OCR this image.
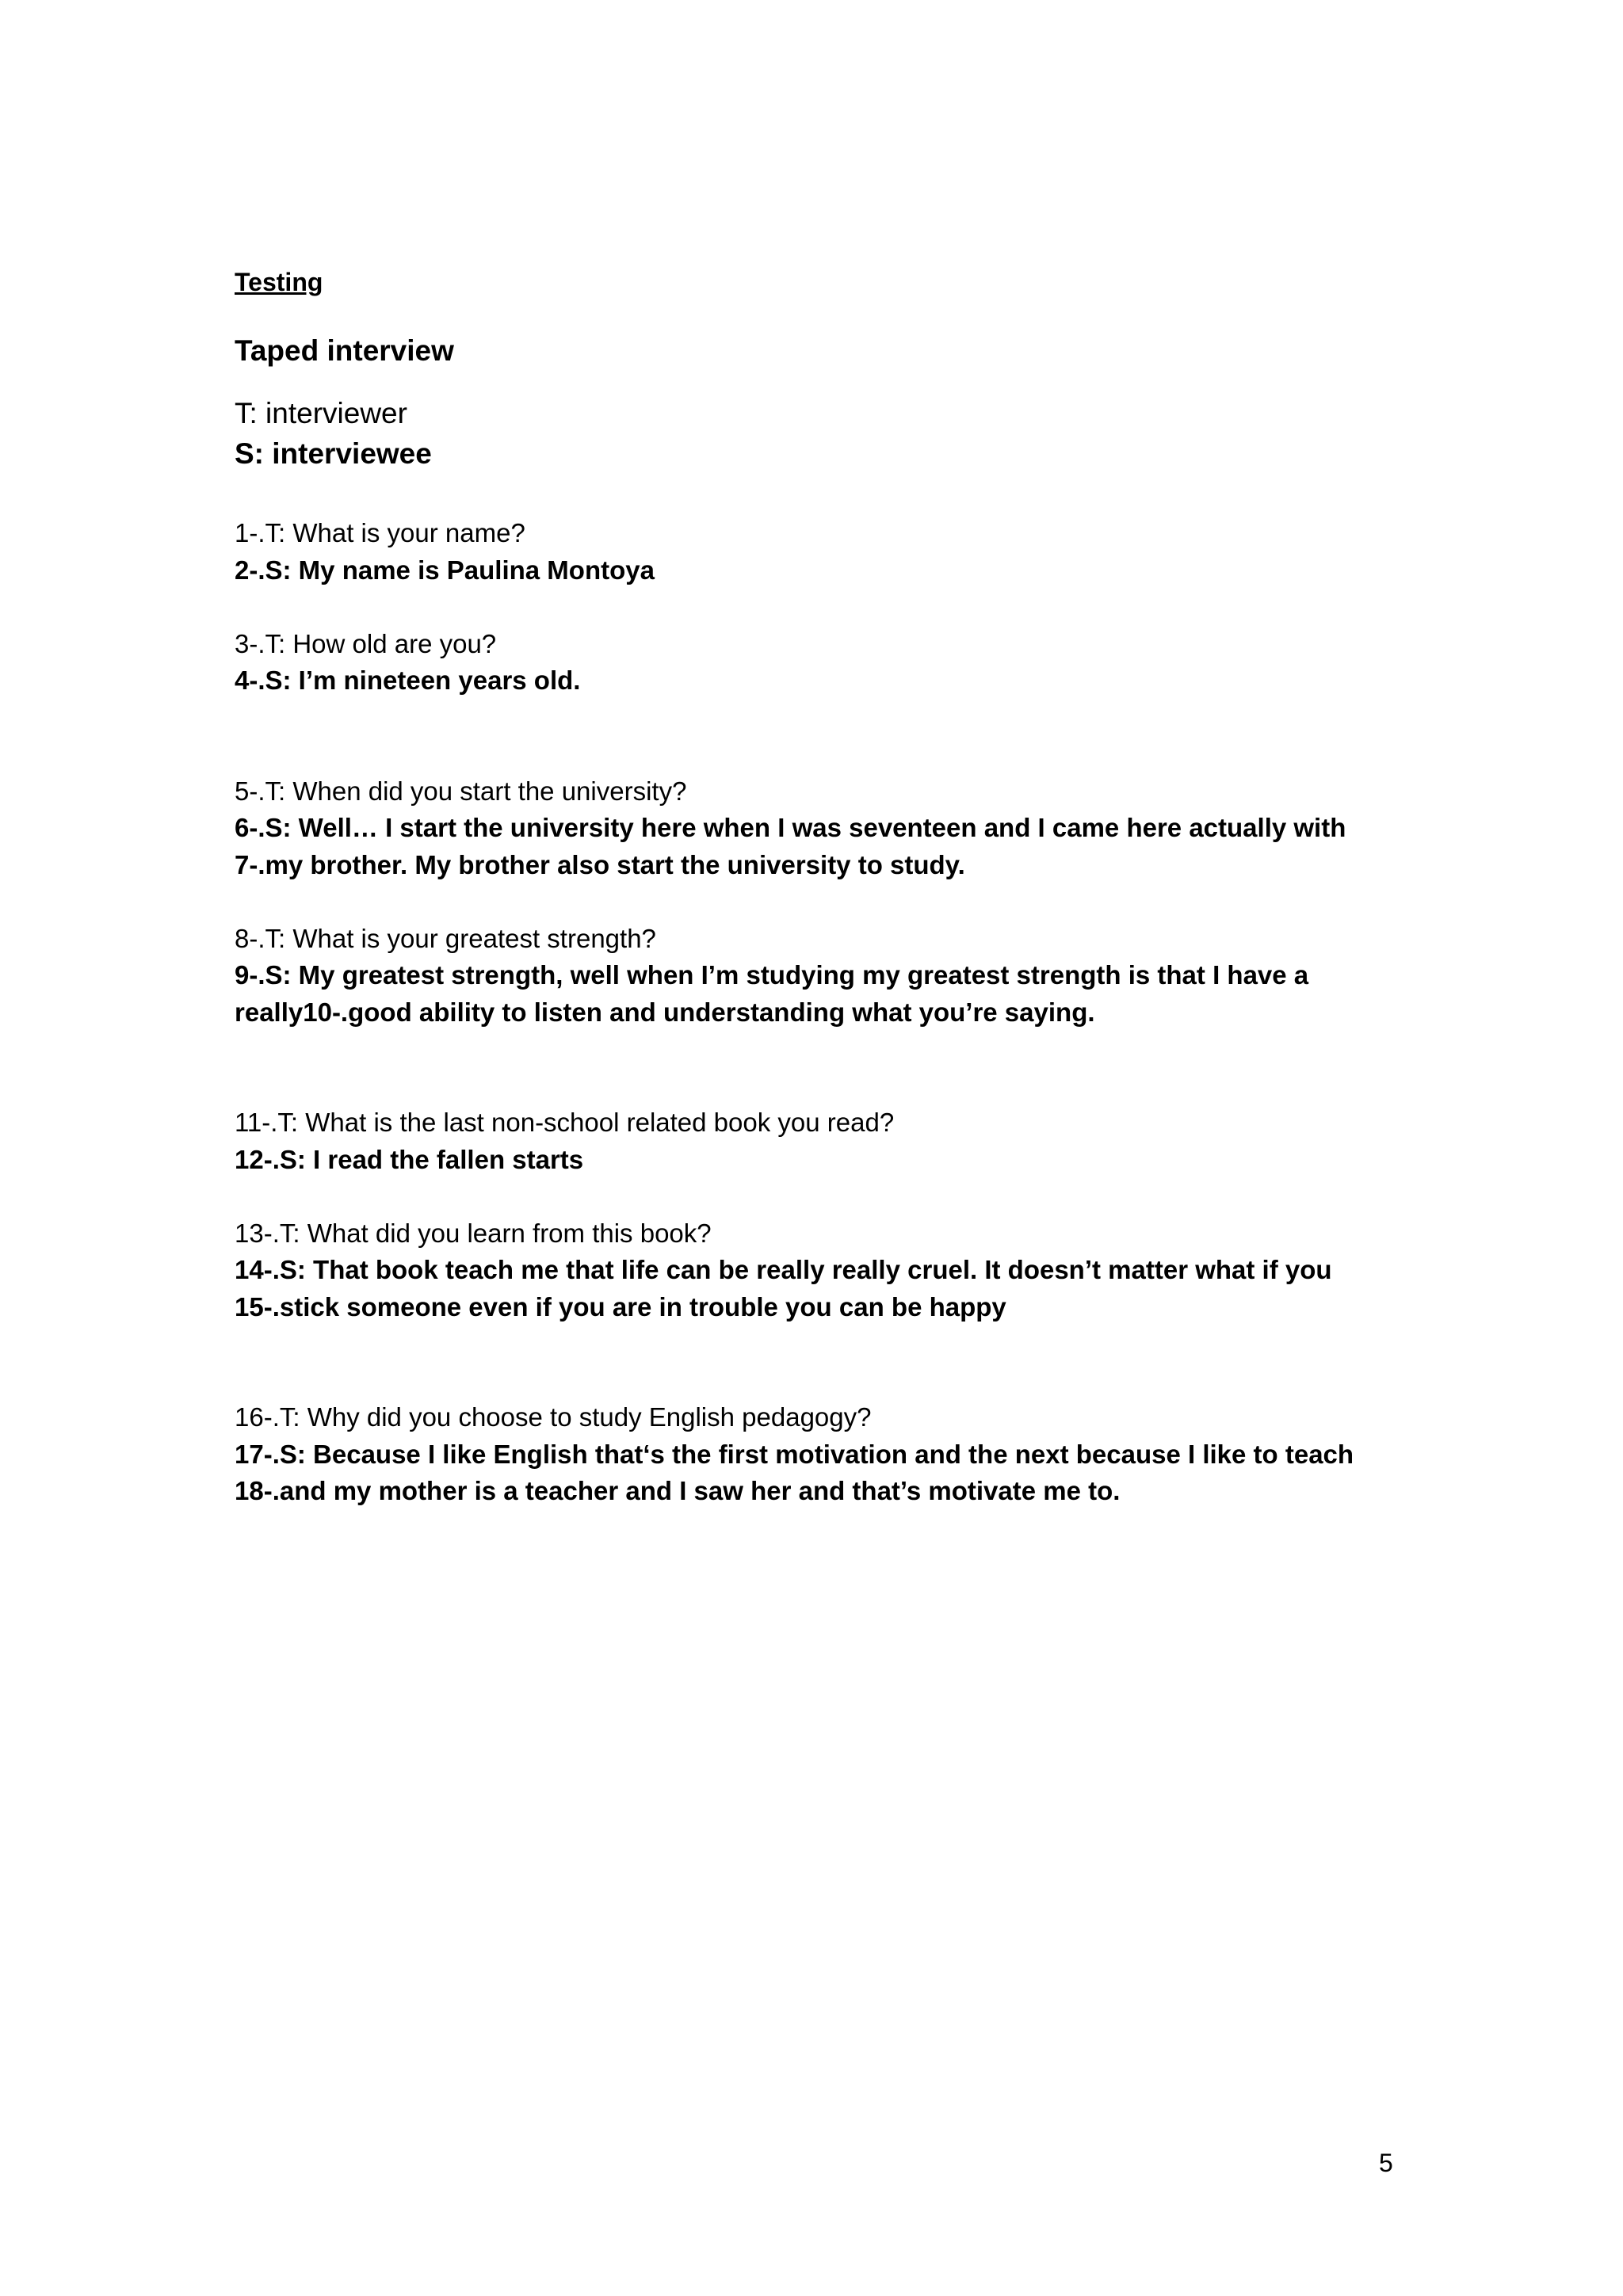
Testing

Taped interview

T: interviewer
S: interviewee
1-.T: What is your name?
2-.S: My name is Paulina Montoya
3-.T: How old are you?
4-.S: I’m nineteen years old.
5-.T: When did you start the university?
6-.S: Well… I start the university here when I was seventeen and I came here actually with
7-.my brother. My brother also start the university to study.
8-.T: What is your greatest strength?
9-.S: My greatest strength, well when I’m studying my greatest strength is that I have a
really10-.good ability to listen and understanding what you’re saying.
11-.T: What is the last non-school related book you read?
12-.S: I read the fallen starts
13-.T: What did you learn from this book?
14-.S: That book teach me that life can be really really cruel. It doesn’t matter what if you
15-.stick someone even if you are in trouble you can be happy
16-.T: Why did you choose to study English pedagogy?
17-.S: Because I like English that‘s the first motivation and the next because I like to teach
18-.and my mother is a teacher and I saw her and that’s motivate me to.
5
